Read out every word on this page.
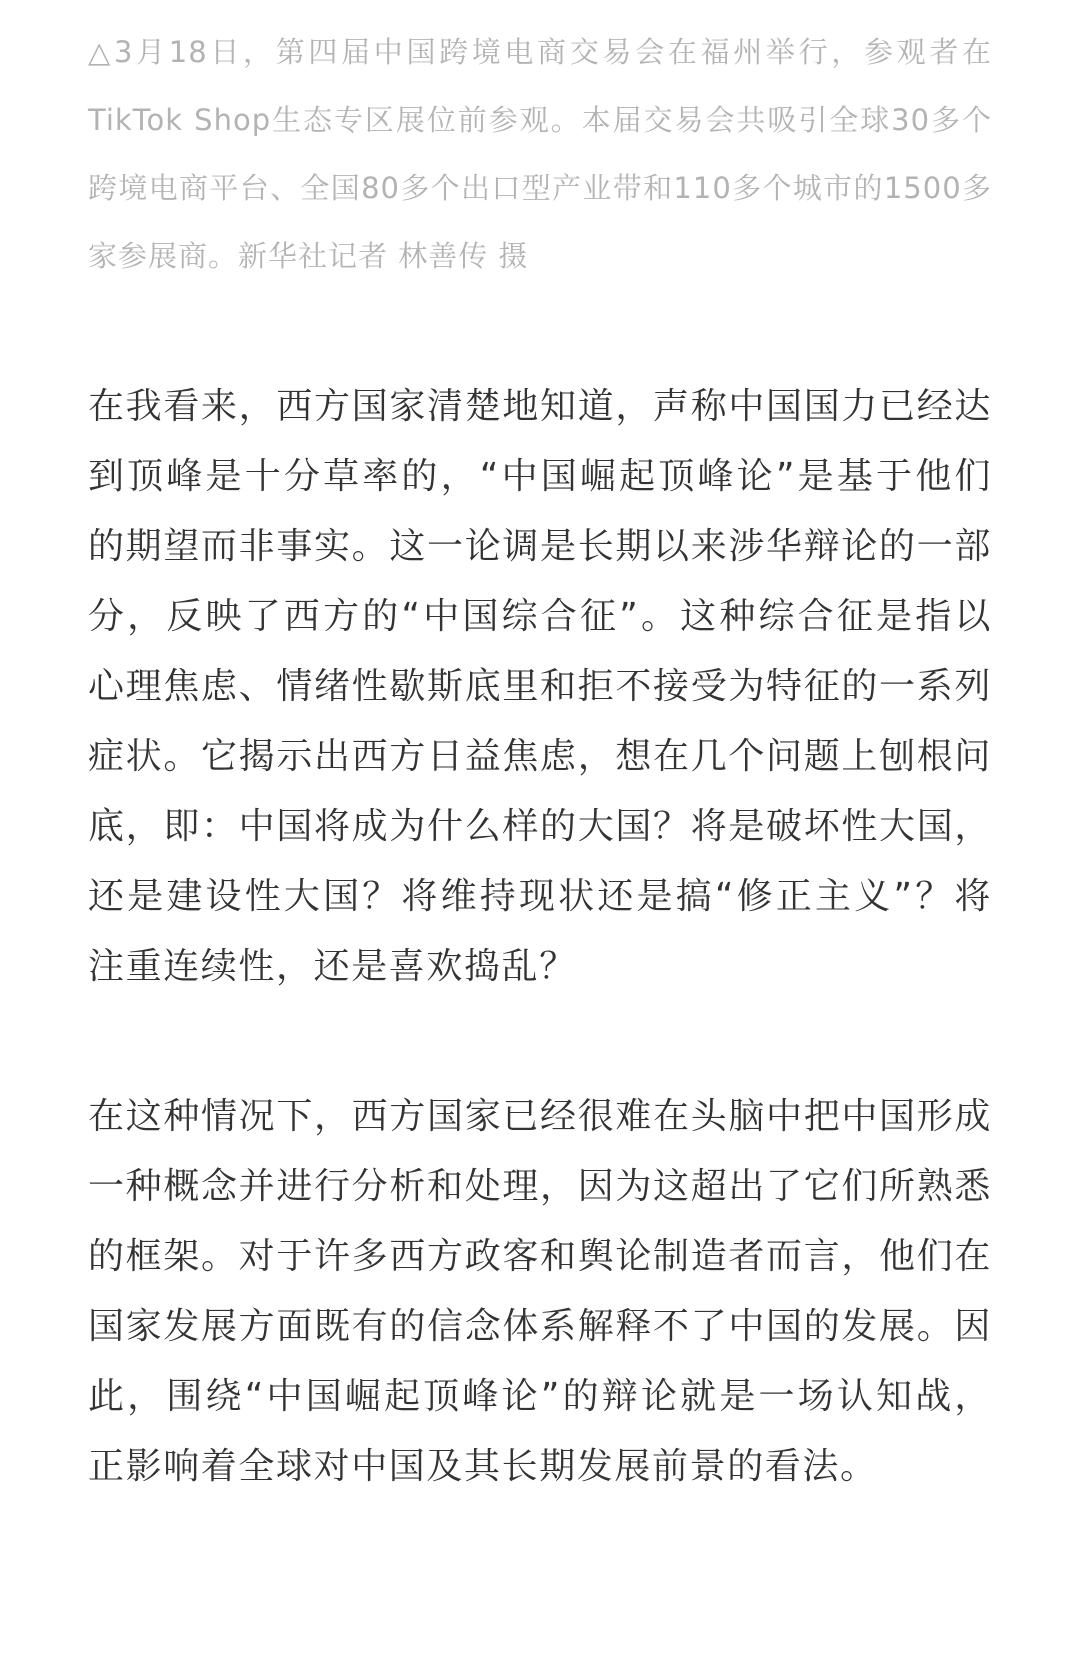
△3月18日，第四届中国跨境电商交易会在福州举行，参观者在TikTok Shop生态专区展位前参观。本届交易会共吸引全球30多个跨境电商平台、全国80多个出口型产业带和110多个城市的1500多家参展商。新华社记者 林善传 摄

在我看来，西方国家清楚地知道，声称中国国力已经达到顶峰是十分草率的，“中国崛起顶峰论”是基于他们的期望而非事实。这一论调是长期以来涉华辩论的一部分，反映了西方的“中国综合征”。这种综合征是指以心理焦虑、情绪性歇斯底里和拒不接受为特征的一系列症状。它揭示出西方日益焦虑，想在几个问题上刨根问底，即：中国将成为什么样的大国？将是破坏性大国，还是建设性大国？将维持现状还是搞“修正主义”？将注重连续性，还是喜欢捣乱？

在这种情况下，西方国家已经很难在头脑中把中国形成一种概念并进行分析和处理，因为这超出了它们所熟悉的框架。对于许多西方政客和舆论制造者而言，他们在国家发展方面既有的信念体系解释不了中国的发展。因此，围绕“中国崛起顶峰论”的辩论就是一场认知战，正影响着全球对中国及其长期发展前景的看法。
